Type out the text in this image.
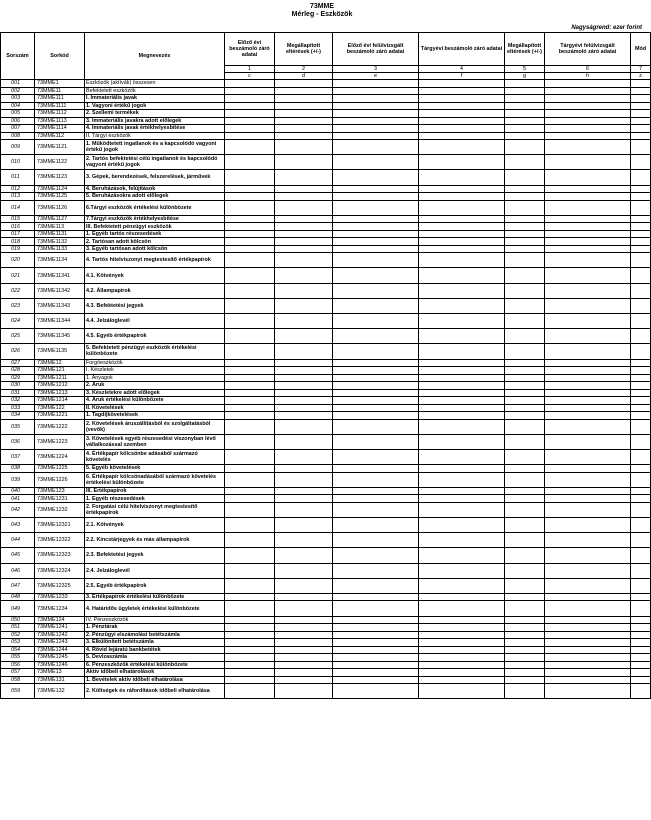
73MME
Mérleg - Eszközök
Nagyságrend: ezer forint
Sorszám	Sorkód	Megnevezés	Előző évi beszámoló záró adatai	Megállapított eltérések (+/-)	Előző évi felülvizsgált beszámoló záró adatai	Tárgyévi beszámoló záró adatai	Megállapított eltérések (+/-)	Tárgyévi felülvizsgált beszámoló záró adatai	Mód
			1	2	3	4	5	6	7
			c	d	e	f	g	h	z
001	73MME1	Eszközök (aktívák) összesen							
002	73MME11	Befektetett eszközök							
003	73MME111	I. Immateriális javak							
004	73MME1111	1. Vagyoni értékű jogok							
005	73MME1112	2. Szellemi termékek							
006	73MME1113	3. Immateriális javakra adott előlegek							
007	73MME1114	4. Immateriális javak értékhelyesbítése							
008	73MME112	II. Tárgyi eszközök							
009	73MME1121	1. Működtetett ingatlanok és a kapcsolódó vagyoni értékű jogok							
010	73MME1122	2. Tartós befektetési célú ingatlanok és kapcsolódó vagyoni értékű jogok							
011	73MME1123	3. Gépek, berendezések, felszerelések, járművek							
012	73MME1124	4. Beruházások, felújítások							
013	73MME1125	5. Beruházásokra adott előlegek							
014	73MME1126	6.Tárgyi eszközök értékelési különbözete							
015	73MME1127	7.Tárgyi eszközök értékhelyesbítése							
016	73MME113	III. Befektetett pénzügyi eszközök							
017	73MME1131	1. Egyéb tartós részesedések							
018	73MME1132	2. Tartósan adott kölcsön							
019	73MME1133	3. Egyéb tartósan adott kölcsön							
020	73MME1134	4. Tartós hitelviszonyt megtestesítő értékpapírok							
021	73MME11341	4.1. Kötvények							
022	73MME11342	4.2. Állampapírok							
023	73MME11343	4.3. Befektetési jegyek							
024	73MME11344	4.4. Jelzáloglevél							
025	73MME11345	4.5. Egyéb értékpapírok							
026	73MME1135	5. Befektetett pénzügyi eszközök értékelési különbözete							
027	73MME12	Forgóeszközök							
028	73MME121	I. Készletek							
029	73MME1211	1. Anyagok							
030	73MME1212	2. Áruk							
031	73MME1213	3. Készletekre adott előlegek							
032	73MME1214	4. Áruk értékelési különbözete							
033	73MME122	II. Követelések							
034	73MME1221	1. Tagdíjkövetelések							
035	73MME1222	2. Követelések áruszállításból és szolgáltatásból (vevők)							
036	73MME1223	3. Követelések egyéb részesedési viszonyban lévő vállalkozással szemben							
037	73MME1224	4. Értékpapír kölcsönbe adásából származó követelés							
038	73MME1225	5. Egyéb követelések							
039	73MME1226	6. Értékpapír kölcsönadásából származó követelés értékelési különbözete							
040	73MME123	III. Értékpapírok							
041	73MME1231	1. Egyéb részesedések							
042	73MME1232	2. Forgatási célú hitelviszonyt megtestesítő értékpapírok							
043	73MME12321	2.1. Kötvények							
044	73MME12322	2.2. Kincstárjegyek és más állampapírok							
045	73MME12323	2.3. Befektetési jegyek							
046	73MME12324	2.4. Jelzáloglevél							
047	73MME12325	2.5. Egyéb értékpapírok							
048	73MME1233	3. Értékpapírok értékelési különbözete							
049	73MME1234	4. Határidős ügyletek értékelési különbözete							
050	73MME124	IV. Pénzeszközök							
051	73MME1241	1. Pénztárak							
052	73MME1242	2. Pénzügyi elszámolási betétszámla							
053	73MME1243	3. Elkülönített betétszámla							
054	73MME1244	4. Rövid lejáratú bankbetétek							
055	73MME1245	5. Devizaszámla							
056	73MME1246	6. Pénzeszközök értékelési különbözete							
057	73MME13	Aktív időbeli elhatárolások							
058	73MME131	1. Bevételek aktív időbeli elhatárolása							
059	73MME132	2. Költségek és ráfordítások időbeli elhatárolása							
